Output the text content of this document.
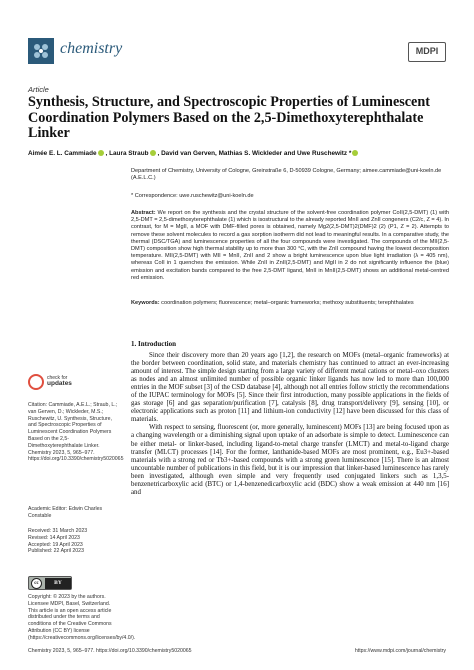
chemistry	MDPI
Article
Synthesis, Structure, and Spectroscopic Properties of Luminescent Coordination Polymers Based on the 2,5-Dimethoxyterephthalate Linker
Aimée E. L. Cammiade , Laura Straub , David van Gerven, Mathias S. Wickleder and Uwe Ruschewitz *
Department of Chemistry, University of Cologne, Greinstraße 6, D-50939 Cologne, Germany; aimee.cammiade@uni-koeln.de (A.E.L.C.)
* Correspondence: uwe.ruschewitz@uni-koeln.de
Abstract: We report on the synthesis and the crystal structure of the solvent-free coordination polymer CoII(2,5-DMT) (1) with 2,5-DMT = 2,5-dimethoxyterephthalate (1) which is isostructural to the already reported MnII and ZnII congeners (C2/c, Z = 4). In contrast, for M = MgII, a MOF with DMF-filled pores is obtained, namely Mg2(2,5-DMT)2(DMF)2 (2) (P1, Z = 2). Attempts to remove these solvent molecules to record a gas sorption isotherm did not lead to meaningful results. In a comparative study, the thermal (DSC/TGA) and luminescence properties of all the four compounds were investigated. The compounds of the MII(2,5-DMT) composition show high thermal stability up to more than 300 °C, with the ZnII compound having the lowest decomposition temperature. MII(2,5-DMT) with MII = MnII, ZnII and 2 show a bright luminescence upon blue light irradiation (λ = 405 nm), whereas CoII in 1 quenches the emission. While ZnII in ZnII(2,5-DMT) and MgII in 2 do not significantly influence the (blue) emission and excitation bands compared to the free 2,5-DMT ligand, MnII in MnII(2,5-DMT) shows an additional metal-centred red emission.
Keywords: coordination polymers; fluorescence; metal–organic frameworks; methoxy substituents; terephthalates
check for
updates
Citation: Cammiade, A.E.L.; Straub, L.; van Gerven, D.; Wickleder, M.S.; Ruschewitz, U. Synthesis, Structure, and Spectroscopic Properties of Luminescent Coordination Polymers Based on the 2,5-Dimethoxyterephthalate Linker. Chemistry 2023, 5, 965–977. https://doi.org/10.3390/chemistry5020065
Academic Editor: Edwin Charles Constable
Received: 31 March 2023
Revised: 14 April 2023
Accepted: 19 April 2023
Published: 22 April 2023
cc	BY
Copyright: © 2023 by the authors. Licensee MDPI, Basel, Switzerland. This article is an open access article distributed under the terms and conditions of the Creative Commons Attribution (CC BY) license (https://creativecommons.org/licenses/by/4.0/).
1. Introduction

Since their discovery more than 20 years ago [1,2], the research on MOFs (metal–organic frameworks) at the border between coordination, solid state, and materials chemistry has continued to attract an ever-increasing amount of interest. The simple design starting from a large variety of different metal cations or metal–oxo clusters as nodes and an almost unlimited number of possible organic linker ligands has now led to more than 100,000 entries in the MOF subset [3] of the CSD database [4], although not all entries follow strictly the recommendations of the IUPAC terminology for MOFs [5]. Since their first introduction, many possible applications in the fields of gas storage [6] and gas separation/purification [7], catalysis [8], drug transport/delivery [9], sensing [10], or electronic applications such as proton [11] and lithium-ion conductivity [12] have been discussed for this class of materials.

With respect to sensing, fluorescent (or, more generally, luminescent) MOFs [13] are being focused upon as a changing wavelength or a diminishing signal upon uptake of an adsorbate is simple to detect. Luminescence can be either metal- or linker-based, including ligand-to-metal charge transfer (LMCT) and metal-to-ligand charge transfer (MLCT) processes [14]. For the former, lanthanide-based MOFs are most prominent, e.g., Eu3+-based materials with a strong red or Tb3+-based compounds with a strong green luminescence [15]. There is an almost uncountable number of publications in this field, but it is our impression that linker-based luminescence has rarely been investigated, although even simple and very frequently used conjugated linkers such as 1,3,5-benzenetricarboxylic acid (BTC) or 1,4-benzenedicarboxylic acid (BDC) show a weak emission at 440 nm [16] and

Chemistry 2023, 5, 965–977. https://doi.org/10.3390/chemistry5020065	https://www.mdpi.com/journal/chemistry
